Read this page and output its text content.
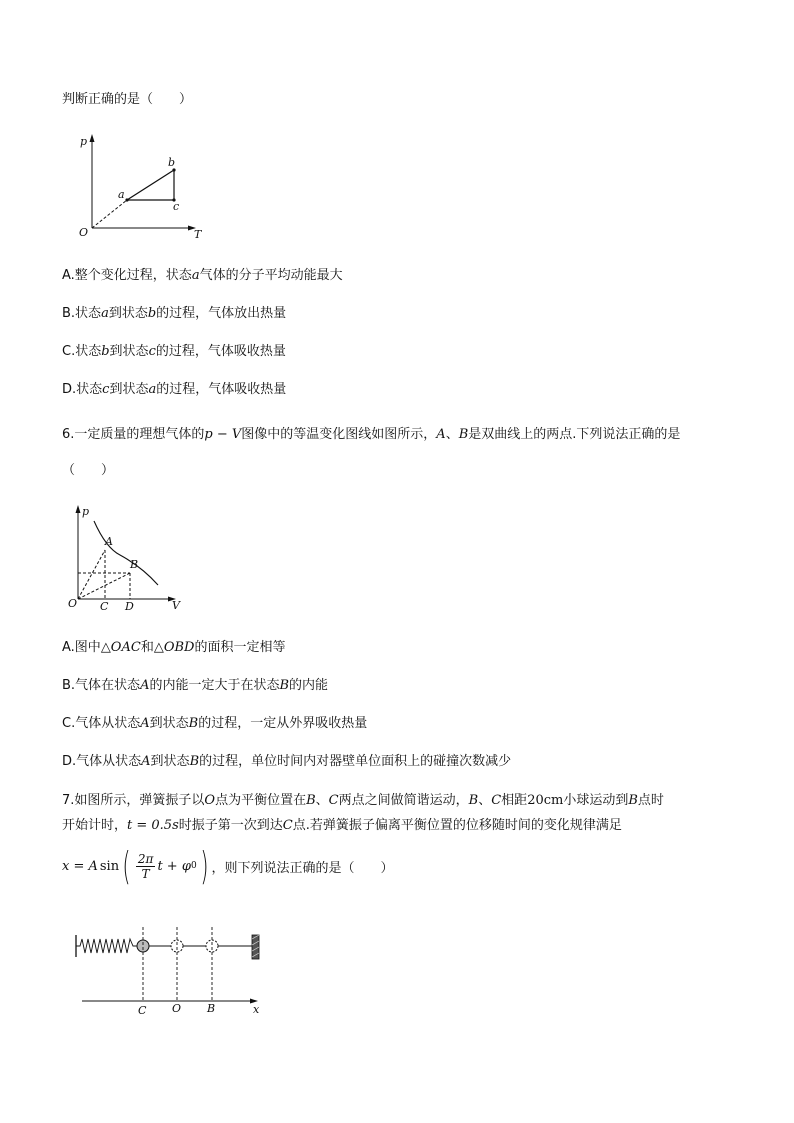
判断正确的是（　　）
p
T
O
a
b
c
A.整个变化过程，状态a气体的分子平均动能最大
B.状态a到状态b的过程，气体放出热量
C.状态b到状态c的过程，气体吸收热量
D.状态c到状态a的过程，气体吸收热量
6.一定质量的理想气体的p − V图像中的等温变化图线如图所示，A、B是双曲线上的两点.下列说法正确的是
（　　）
p
V
O
A
B
C D
A.图中△OAC和△OBD的面积一定相等
B.气体在状态A的内能一定大于在状态B的内能
C.气体从状态A到状态B的过程，一定从外界吸收热量
D.气体从状态A到状态B的过程，单位时间内对器壁单位面积上的碰撞次数减少
7.如图所示，弹簧振子以O点为平衡位置在B、C两点之间做简谐运动，B、C相距20cm小球运动到B点时
开始计时，t = 0.5s时振子第一次到达C点.若弹簧振子偏离平衡位置的位移随时间的变化规律满足
x = A sin ( $\frac{2\pi}{T}$ t + φ 0 ) ，则下列说法正确的是（　　）
C O B	x
